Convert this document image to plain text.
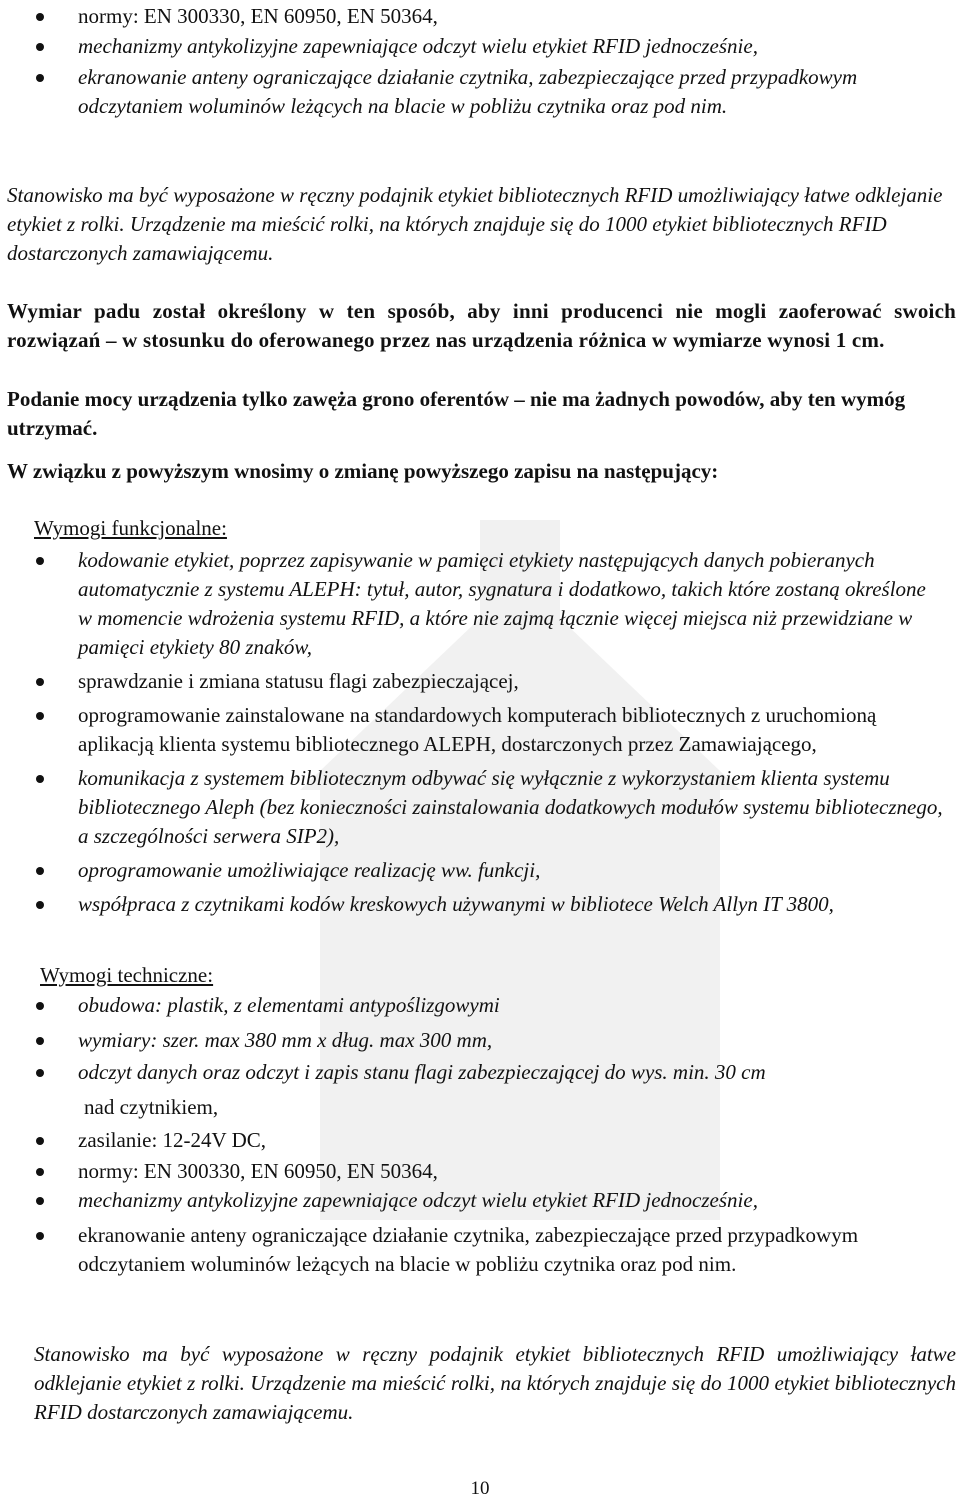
normy: EN 300330, EN 60950, EN 50364,
mechanizmy antykolizyjne zapewniające odczyt wielu etykiet RFID jednocześnie,
ekranowanie anteny ograniczające działanie czytnika, zabezpieczające przed przypadkowym odczytaniem woluminów leżących na blacie w pobliżu czytnika oraz pod nim.

Stanowisko ma być wyposażone w ręczny podajnik etykiet bibliotecznych RFID umożliwiający łatwe odklejanie etykiet z rolki. Urządzenie ma mieścić rolki, na których znajduje się do 1000 etykiet bibliotecznych RFID dostarczonych zamawiającemu.

Wymiar padu został określony w ten sposób, aby inni producenci nie mogli zaoferować swoich rozwiązań – w stosunku do oferowanego przez nas urządzenia różnica w wymiarze wynosi 1 cm.

Podanie mocy urządzenia tylko zawęża grono oferentów – nie ma żadnych powodów, aby ten wymóg utrzymać.

W związku z powyższym wnosimy o zmianę powyższego zapisu na następujący:

Wymogi funkcjonalne:

kodowanie etykiet, poprzez zapisywanie w pamięci etykiety następujących danych pobieranych automatycznie z systemu ALEPH: tytuł, autor, sygnatura i dodatkowo, takich które zostaną określone w momencie wdrożenia systemu RFID, a które nie zajmą łącznie więcej miejsca niż przewidziane w pamięci etykiety 80 znaków,
sprawdzanie i zmiana statusu flagi zabezpieczającej,
oprogramowanie zainstalowane na standardowych komputerach bibliotecznych z uruchomioną aplikacją klienta systemu bibliotecznego ALEPH, dostarczonych przez Zamawiającego,
komunikacja z systemem bibliotecznym odbywać się wyłącznie z wykorzystaniem klienta systemu bibliotecznego Aleph (bez konieczności zainstalowania dodatkowych modułów systemu bibliotecznego, a szczególności serwera SIP2),
oprogramowanie umożliwiające realizację ww. funkcji,
współpraca z czytnikami kodów kreskowych używanymi w bibliotece Welch Allyn IT 3800,

Wymogi techniczne:

obudowa: plastik, z elementami antypoślizgowymi
wymiary: szer. max 380 mm x dług. max 300 mm,
odczyt danych oraz odczyt i zapis stanu flagi zabezpieczającej do wys. min. 30 cm

nad czytnikiem,

zasilanie: 12-24V DC,
normy: EN 300330, EN 60950, EN 50364,
mechanizmy antykolizyjne zapewniające odczyt wielu etykiet RFID jednocześnie,
ekranowanie anteny ograniczające działanie czytnika, zabezpieczające przed przypadkowym odczytaniem woluminów leżących na blacie w pobliżu czytnika oraz pod nim.

Stanowisko ma być wyposażone w ręczny podajnik etykiet bibliotecznych RFID umożliwiający łatwe odklejanie etykiet z rolki. Urządzenie ma mieścić rolki, na których znajduje się do 1000 etykiet bibliotecznych RFID dostarczonych zamawiającemu.

10
